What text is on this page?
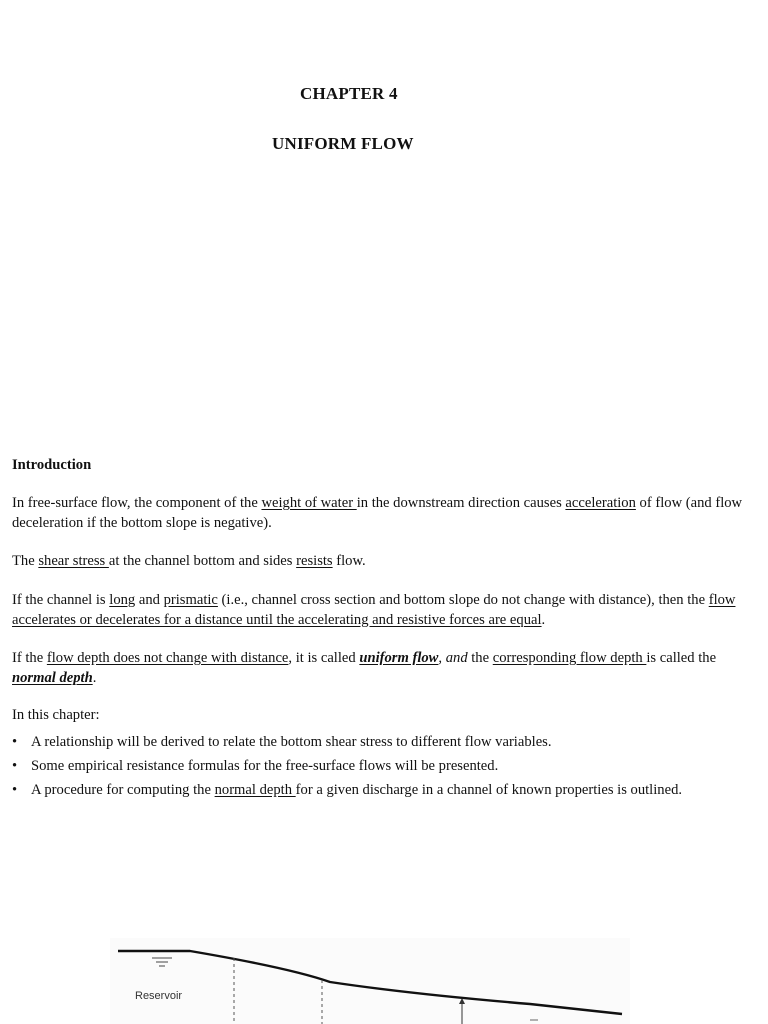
CHAPTER 4
UNIFORM FLOW
Introduction
In free-surface flow, the component of the weight of water in the downstream direction causes acceleration of flow (and flow deceleration if the bottom slope is negative).
The shear stress at the channel bottom and sides resists flow.
If the channel is long and prismatic (i.e., channel cross section and bottom slope do not change with distance), then the flow accelerates or decelerates for a distance until the accelerating and resistive forces are equal.
If the flow depth does not change with distance, it is called uniform flow, and the corresponding flow depth is called the normal depth.
In this chapter:
• A relationship will be derived to relate the bottom shear stress to different flow variables.
• Some empirical resistance formulas for the free-surface flows will be presented.
• A procedure for computing the normal depth for a given discharge in a channel of known properties is outlined.
Reservoir
